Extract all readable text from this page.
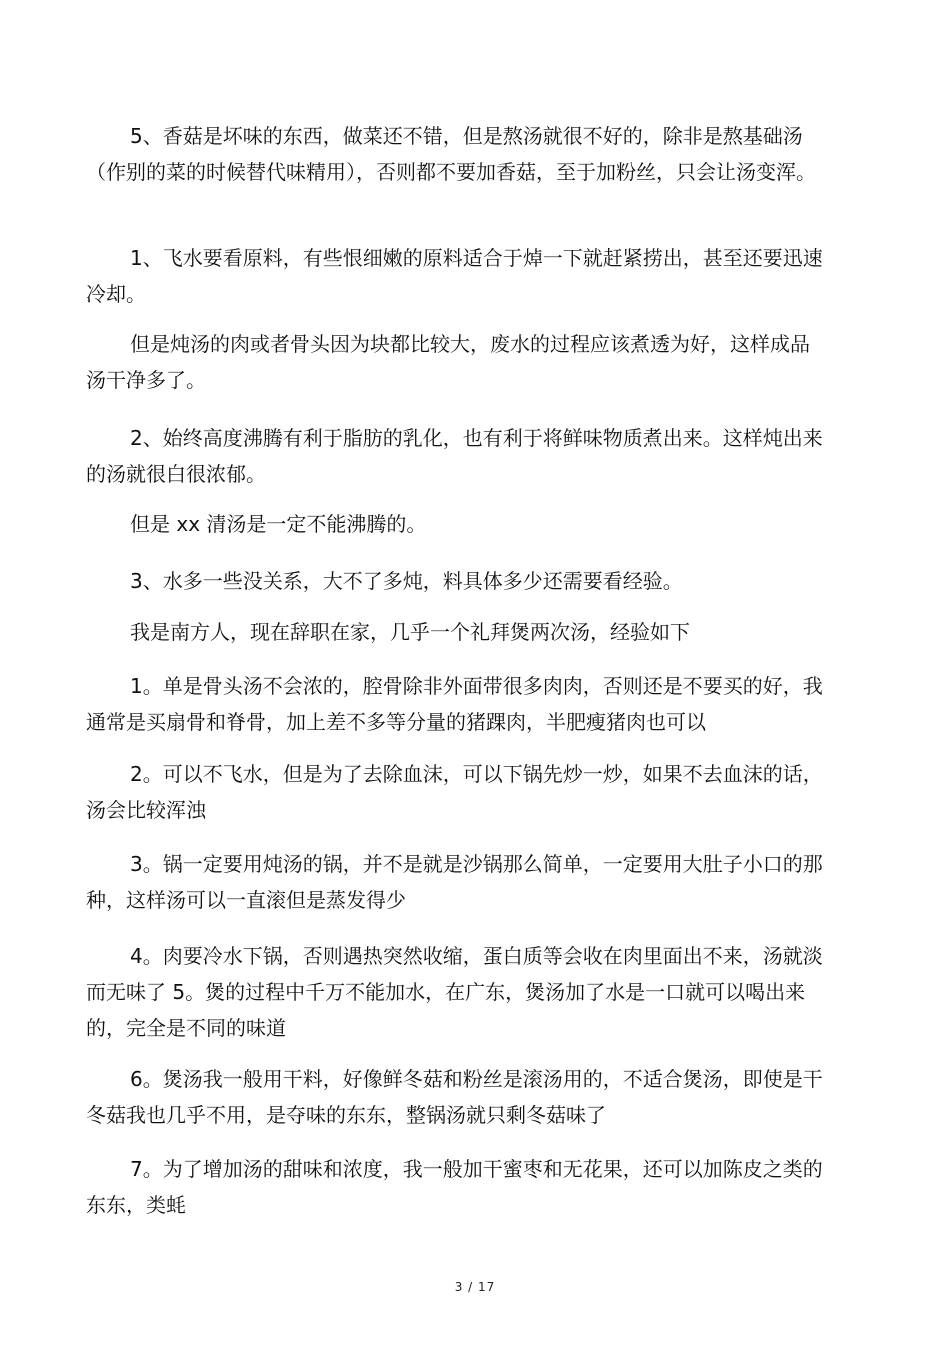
5、香菇是坏味的东西，做菜还不错，但是熬汤就很不好的，除非是熬基础汤（作别的菜的时候替代味精用），否则都不要加香菇，至于加粉丝，只会让汤变浑。

1、飞水要看原料，有些恨细嫩的原料适合于焯一下就赶紧捞出，甚至还要迅速冷却。

但是炖汤的肉或者骨头因为块都比较大，废水的过程应该煮透为好，这样成品汤干净多了。

2、始终高度沸腾有利于脂肪的乳化，也有利于将鲜味物质煮出来。这样炖出来的汤就很白很浓郁。

但是 xx 清汤是一定不能沸腾的。

3、水多一些没关系，大不了多炖，料具体多少还需要看经验。

我是南方人，现在辞职在家，几乎一个礼拜煲两次汤，经验如下

1。单是骨头汤不会浓的，腔骨除非外面带很多肉肉，否则还是不要买的好，我通常是买扇骨和脊骨，加上差不多等分量的猪踝肉，半肥瘦猪肉也可以

2。可以不飞水，但是为了去除血沫，可以下锅先炒一炒，如果不去血沫的话，汤会比较浑浊

3。锅一定要用炖汤的锅，并不是就是沙锅那么简单，一定要用大肚子小口的那种，这样汤可以一直滚但是蒸发得少

4。肉要冷水下锅，否则遇热突然收缩，蛋白质等会收在肉里面出不来，汤就淡而无味了 5。煲的过程中千万不能加水，在广东，煲汤加了水是一口就可以喝出来的，完全是不同的味道

6。煲汤我一般用干料，好像鲜冬菇和粉丝是滚汤用的，不适合煲汤，即使是干冬菇我也几乎不用，是夺味的东东，整锅汤就只剩冬菇味了

7。为了增加汤的甜味和浓度，我一般加干蜜枣和无花果，还可以加陈皮之类的东东，类蚝

3 / 17
